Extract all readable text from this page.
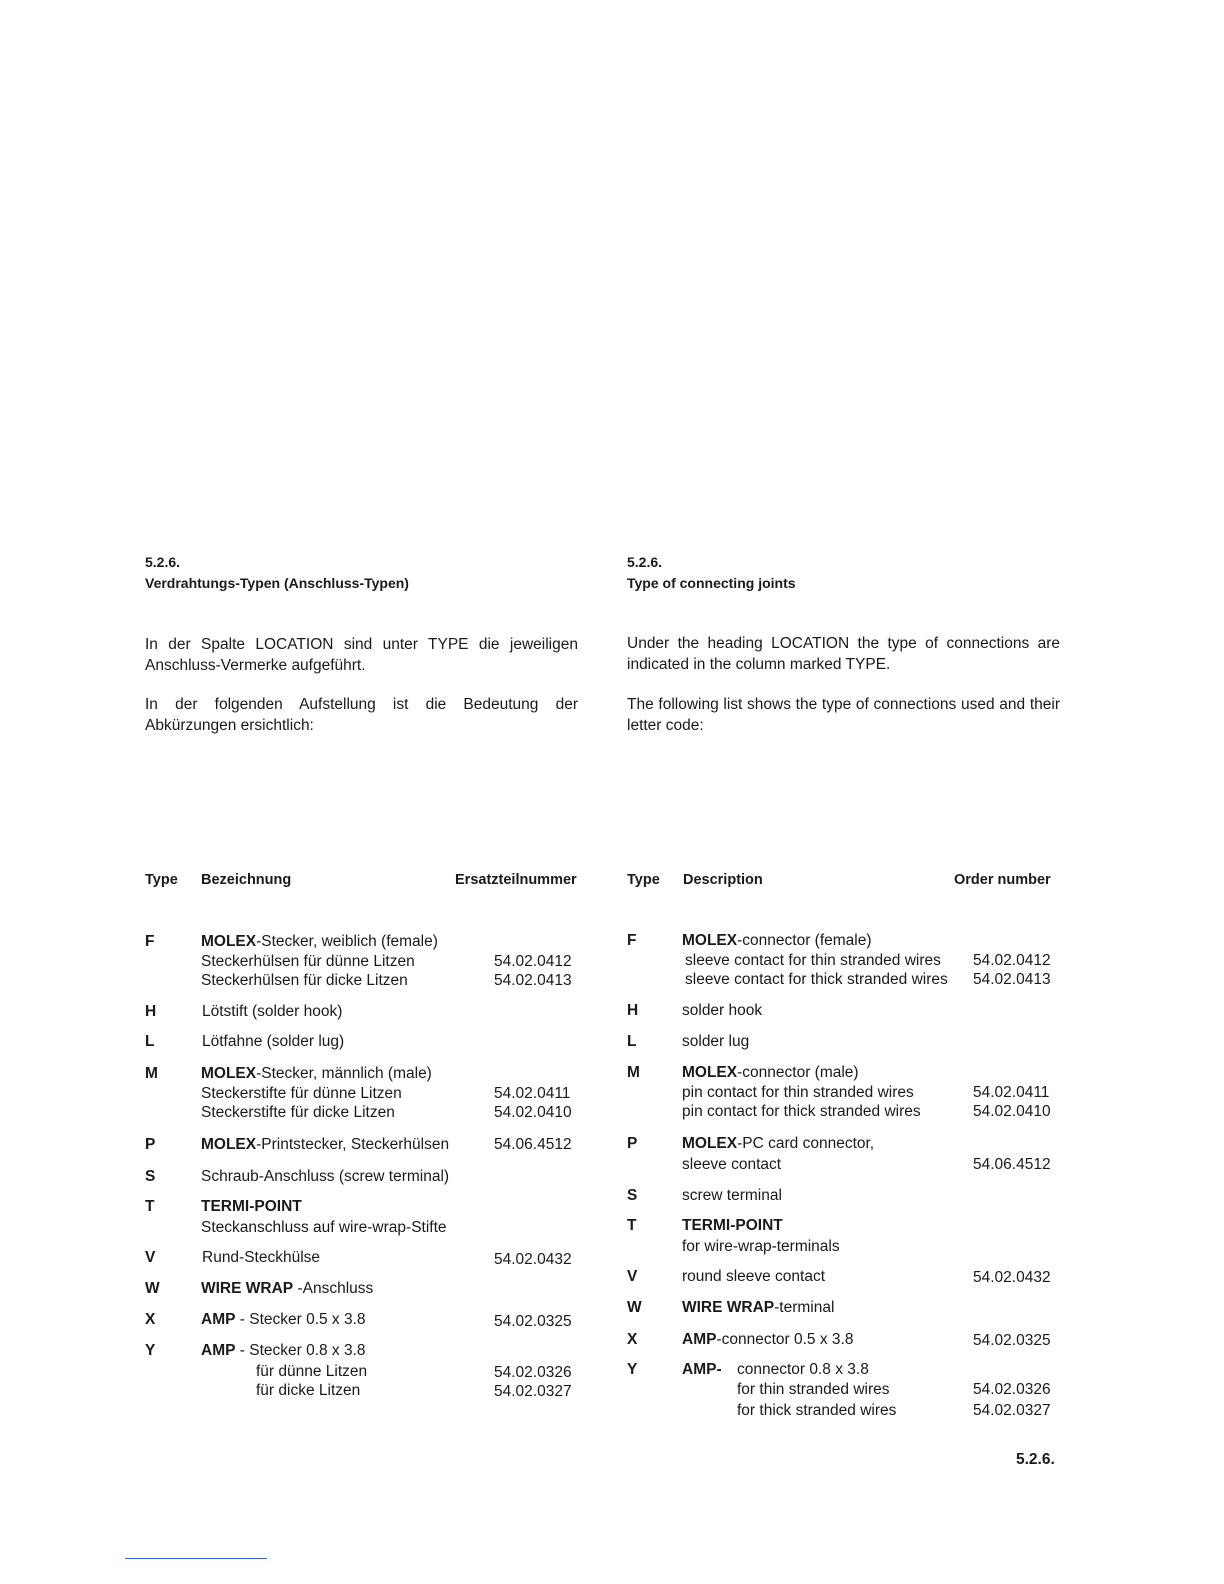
5.2.6.
Verdrahtungs-Typen (Anschluss-Typen)
In der Spalte LOCATION sind unter TYPE die jeweiligen Anschluss-Vermerke aufgeführt.
In der folgenden Aufstellung ist die Bedeutung der Abkürzungen ersichtlich:
Type Bezeichnung	Ersatzteilnummer
F	MOLEX-Stecker, weiblich (female)
Steckerhülsen für dünne Litzen	54.02.0412
Steckerhülsen für dicke Litzen	54.02.0413
H	Lötstift (solder hook)
L	Lötfahne (solder lug)
M	MOLEX-Stecker, männlich (male)
Steckerstifte für dünne Litzen	54.02.0411
Steckerstifte für dicke Litzen	54.02.0410
P	MOLEX-Printstecker, Steckerhülsen	54.06.4512
S	Schraub-Anschluss (screw terminal)
T	TERMI-POINT
Steckanschluss auf wire-wrap-Stifte
V	Rund-Steckhülse	54.02.0432
W	WIRE WRAP -Anschluss
X	AMP - Stecker 0.5 x 3.8	54.02.0325
Y	AMP - Stecker 0.8 x 3.8
für dünne Litzen	54.02.0326
für dicke Litzen	54.02.0327
5.2.6.
Type of connecting joints
Under the heading LOCATION the type of connections are indicated in the column marked TYPE.
The following list shows the type of connections used and their letter code:
Type Description	Order number
F	MOLEX-connector (female)
sleeve contact for thin stranded wires 54.02.0412
sleeve contact for thick stranded wires 54.02.0413
H	solder hook
L	solder lug
M	MOLEX-connector (male)
pin contact for thin stranded wires	54.02.0411
pin contact for thick stranded wires	54.02.0410
P	MOLEX-PC card connector,
sleeve contact	54.06.4512
S	screw terminal
T	TERMI-POINT
for wire-wrap-terminals
V	round sleeve contact	54.02.0432
W	WIRE WRAP-terminal
X	AMP-connector 0.5 x 3.8	54.02.0325
Y	AMP- connector 0.8 x 3.8
for thin stranded wires	54.02.0326
for thick stranded wires	54.02.0327
5.2.6.
